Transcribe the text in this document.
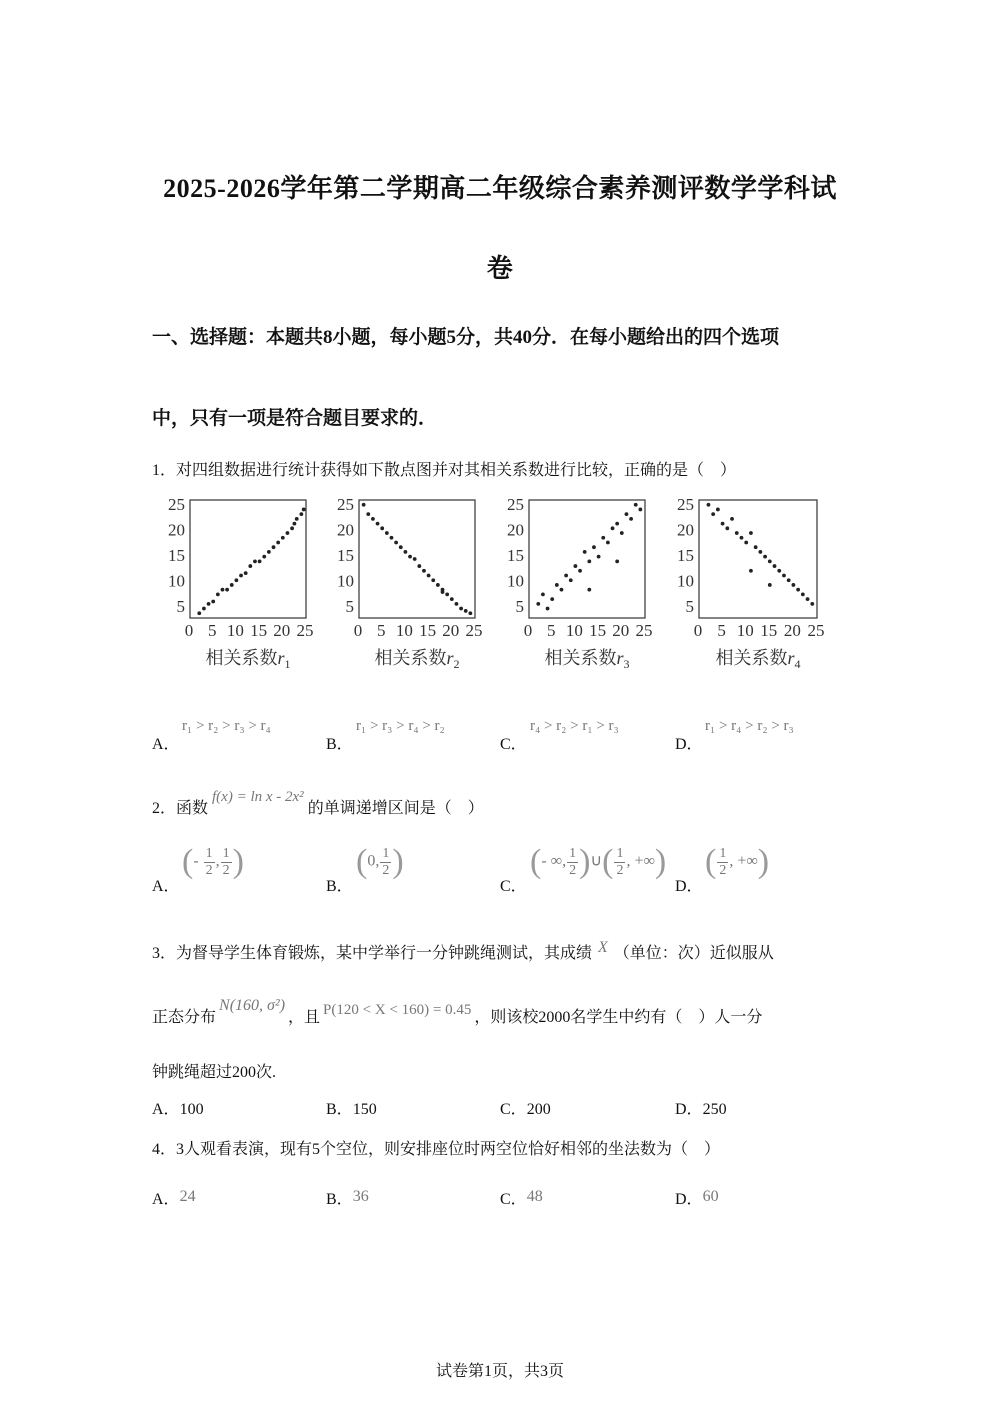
2025-2026学年第二学期高二年级综合素养测评数学学科试
卷
一、选择题：本题共8小题，每小题5分，共40分．在每小题给出的四个选项
中，只有一项是符合题目要求的．
1．对四组数据进行统计获得如下散点图并对其相关系数进行比较，正确的是（　）
25
20
15
10
5
0 5 10 15 20 25
相关系数$r_1$
25
20
15
10
5
0 5 10 15 20 25
相关系数$r_2$
25
20
15
10
5
0 5 10 15 20 25
相关系数$r_3$
25
20
15
10
5
0 5 10 15 20 25
相关系数$r_4$
A．
r₁ > r₂ > r₃ > r₄
B．
r₁ > r₃ > r₄ > r₂
C．
r₄ > r₂ > r₁ > r₃
D．
r₁ > r₄ > r₂ > r₃
2．函数f(x) = ln x - 2x²的单调递增区间是（　）
A．
(- $\frac{1}{2}$ , $\frac{1}{2}$ )
B．
(0, $\frac{1}{2}$ )
C．
(- ∞, $\frac{1}{2}$ )∪( $\frac{1}{2}$ , +∞)
D．
( $\frac{1}{2}$ , +∞)
3．为督导学生体育锻炼，某中学举行一分钟跳绳测试，其成绩 X （单位：次）近似服从
正态分布N(160, σ²)，且 P(120 < X < 160) = 0.45 ，则该校2000名学生中约有（　）人一分
钟跳绳超过200次.
A．100	B．150	C．200	D．250
4．3人观看表演，现有5个空位，则安排座位时两空位恰好相邻的坐法数为（　）
A．24	B．36	C．48	D．60
试卷第1页，共3页
